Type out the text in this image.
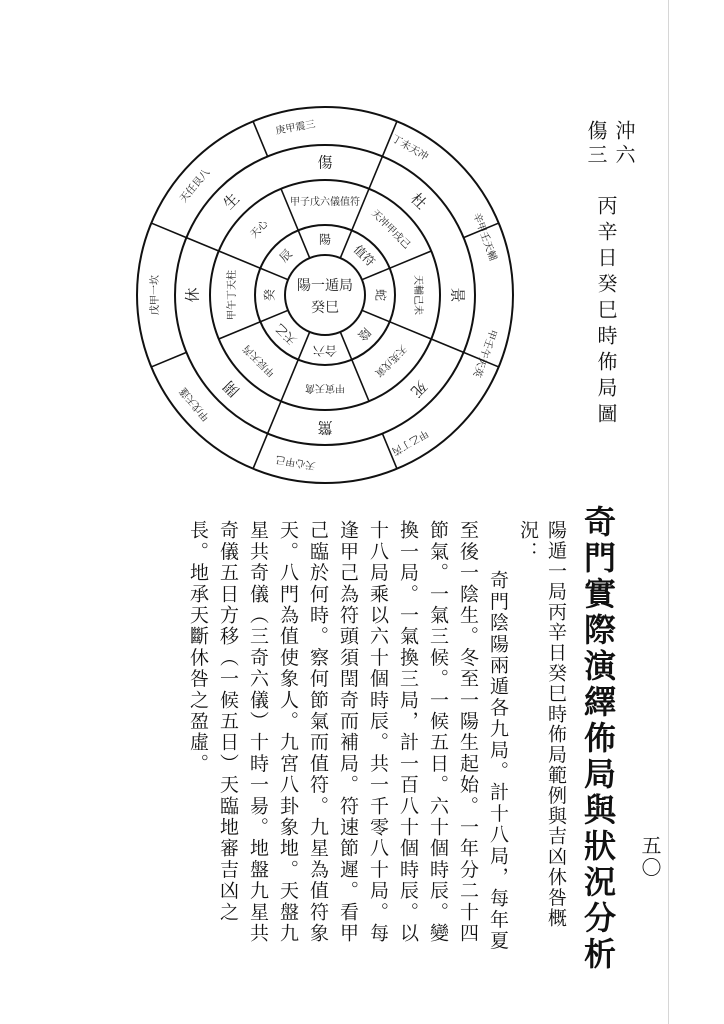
沖六
傷三
丙辛日癸巳時佈局圖
陽
值符
蛇
陰
合六
天乙
癸
辰
甲子戊六儀值符
天冲甲戌己
天輔己未
天英戊寅
甲寅天禽
甲辰天芮
甲午丁天柱
天心
傷
杜
景
死
驚
開
休
生
丁未天冲
辛甲壬天輔
甲壬午天英
甲乙丁芮
天心甲己
甲戊天蓬
戊甲一坎
天任艮八
庚甲震三
陽一遁局
癸巳
奇門實際演繹佈局與狀況分析
陽遁一局丙辛日癸巳時佈局範例與吉凶休咎概
況：
奇門陰陽兩遁各九局。計十八局，每年夏
至後一陰生。冬至一陽生起始。一年分二十四
節氣。一氣三候。一候五日。六十個時辰。變
換一局。一氣換三局，計一百八十個時辰。以
十八局乘以六十個時辰。共一千零八十局。每
逢甲己為符頭須閏奇而補局。符速節遲。看甲
己臨於何時。察何節氣而值符。九星為值符象
天。八門為值使象人。九宮八卦象地。天盤九
星共奇儀（三奇六儀）十時一昜。地盤九星共
奇儀五日方移（一候五日）天臨地審吉凶之
長。地承天斷休咎之盈虛。
五〇
